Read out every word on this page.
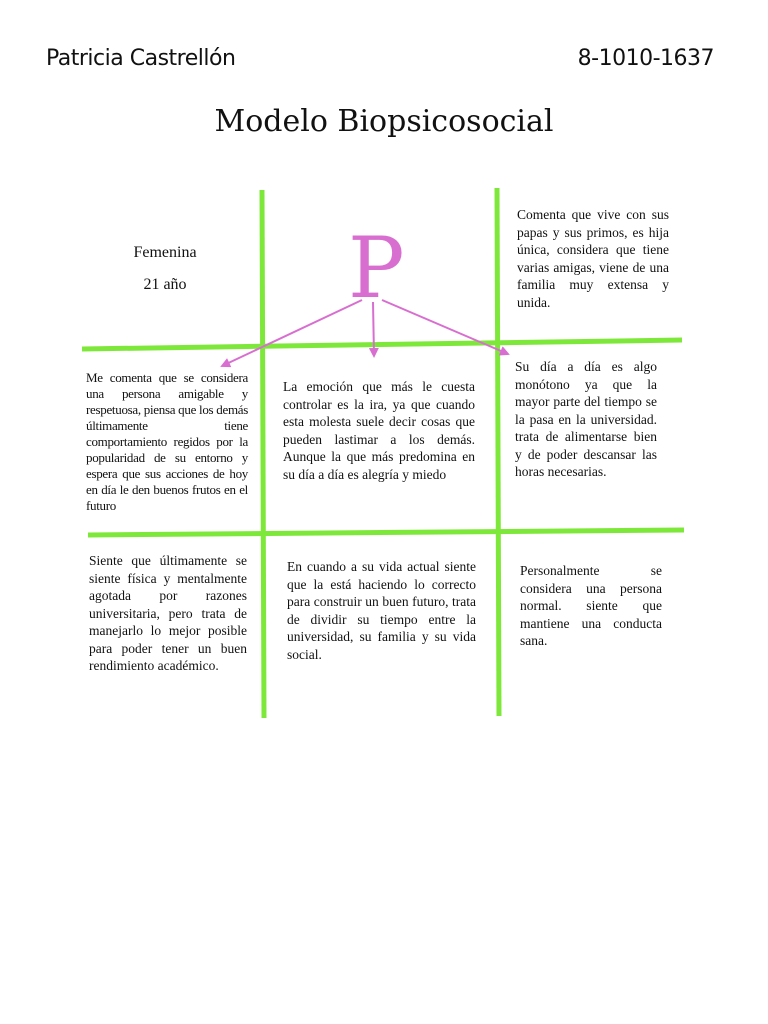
Patricia Castrellón	8-1010-1637
Modelo Biopsicosocial
Femenina
21 año	P
Comenta que vive con sus papas y sus primos, es hija única, considera que tiene varias amigas, viene de una familia muy extensa y unida.
Me comenta que se considera una persona amigable y respetuosa, piensa que los demás últimamente tiene comportamiento regidos por la popularidad de su entorno y espera que sus acciones de hoy en día le den buenos frutos en el futuro
La emoción que más le cuesta controlar es la ira, ya que cuando esta molesta suele decir cosas que pueden lastimar a los demás. Aunque la que más predomina en su día a día es alegría y miedo
Su día a día es algo monótono ya que la mayor parte del tiempo se la pasa en la universidad. trata de alimentarse bien y de poder descansar las horas necesarias.
Siente que últimamente se siente física y mentalmente agotada por razones universitaria, pero trata de manejarlo lo mejor posible para poder tener un buen rendimiento académico.
En cuando a su vida actual siente que la está haciendo lo correcto para construir un buen futuro, trata de dividir su tiempo entre la universidad, su familia y su vida social.
Personalmente se considera una persona normal. siente que mantiene una conducta sana.
